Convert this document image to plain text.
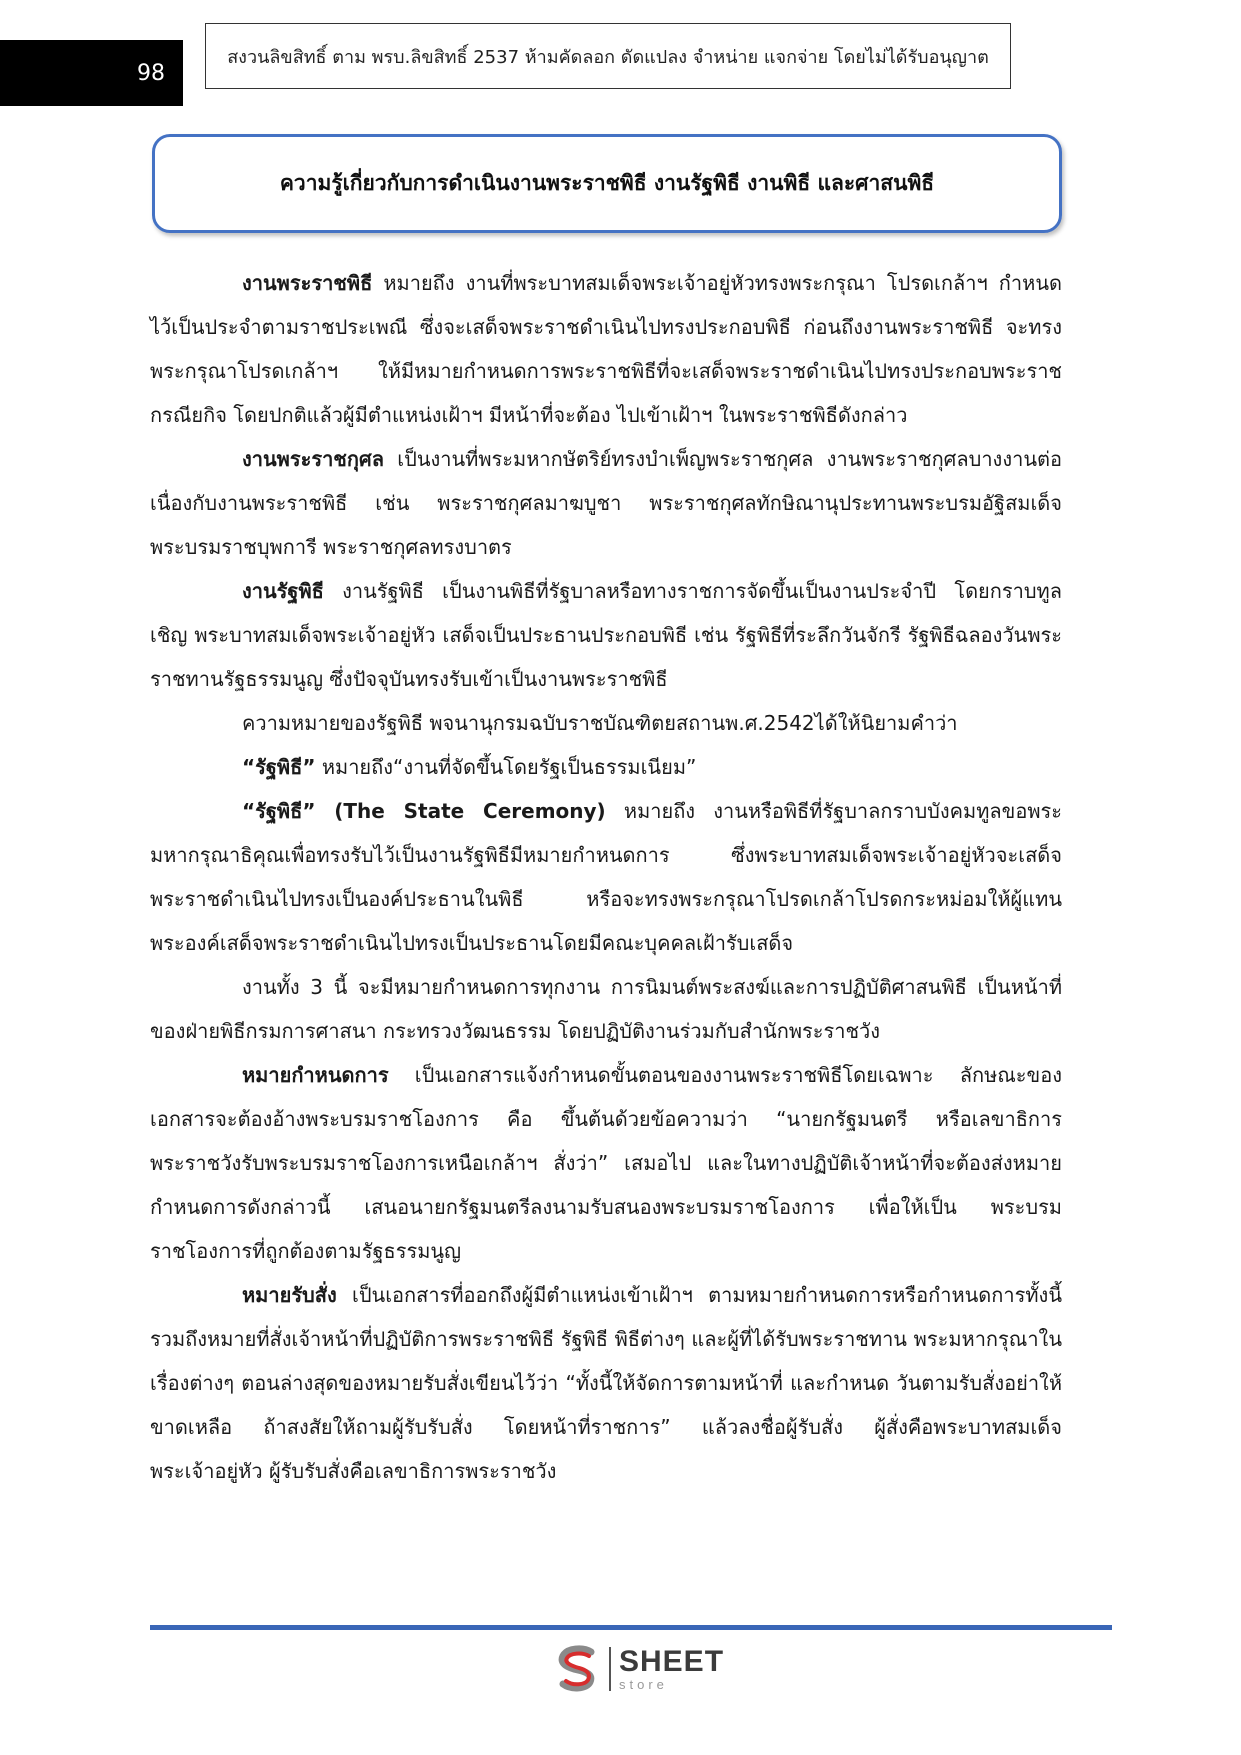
98
สงวนลิขสิทธิ์ ตาม พรบ.ลิขสิทธิ์ 2537 ห้ามคัดลอก ดัดแปลง จำหน่าย แจกจ่าย โดยไม่ได้รับอนุญาต
ความรู้เกี่ยวกับการดำเนินงานพระราชพิธี งานรัฐพิธี งานพิธี และศาสนพิธี

งานพระราชพิธี หมายถึง งานที่พระบาทสมเด็จพระเจ้าอยู่หัวทรงพระกรุณา โปรดเกล้าฯ กำหนดไว้เป็นประจำตามราชประเพณี ซึ่งจะเสด็จพระราชดำเนินไปทรงประกอบพิธี ก่อนถึงงานพระราชพิธี จะทรงพระกรุณาโปรดเกล้าฯ ให้มีหมายกำหนดการพระราชพิธีที่จะเสด็จพระราชดำเนินไปทรงประกอบพระราชกรณียกิจ โดยปกติแล้วผู้มีตำแหน่งเฝ้าฯ มีหน้าที่จะต้อง ไปเข้าเฝ้าฯ ในพระราชพิธีดังกล่าว

งานพระราชกุศล เป็นงานที่พระมหากษัตริย์ทรงบำเพ็ญพระราชกุศล งานพระราชกุศลบางงานต่อเนื่องกับงานพระราชพิธี เช่น พระราชกุศลมาฆบูชา พระราชกุศลทักษิณานุประทานพระบรมอัฐิสมเด็จพระบรมราชบุพการี พระราชกุศลทรงบาตร

งานรัฐพิธี งานรัฐพิธี เป็นงานพิธีที่รัฐบาลหรือทางราชการจัดขึ้นเป็นงานประจำปี โดยกราบทูลเชิญ พระบาทสมเด็จพระเจ้าอยู่หัว เสด็จเป็นประธานประกอบพิธี เช่น รัฐพิธีที่ระลึกวันจักรี รัฐพิธีฉลองวันพระราชทานรัฐธรรมนูญ ซึ่งปัจจุบันทรงรับเข้าเป็นงานพระราชพิธี

ความหมายของรัฐพิธี พจนานุกรมฉบับราชบัณฑิตยสถานพ.ศ.2542ได้ให้นิยามคำว่า

“รัฐพิธี” หมายถึง“งานที่จัดขึ้นโดยรัฐเป็นธรรมเนียม”

“รัฐพิธี” (The State Ceremony) หมายถึง งานหรือพิธีที่รัฐบาลกราบบังคมทูลขอพระมหากรุณาธิคุณเพื่อทรงรับไว้เป็นงานรัฐพิธีมีหมายกำหนดการ ซึ่งพระบาทสมเด็จพระเจ้าอยู่หัวจะเสด็จพระราชดำเนินไปทรงเป็นองค์ประธานในพิธี หรือจะทรงพระกรุณาโปรดเกล้าโปรดกระหม่อมให้ผู้แทนพระองค์เสด็จพระราชดำเนินไปทรงเป็นประธานโดยมีคณะบุคคลเฝ้ารับเสด็จ

งานทั้ง 3 นี้ จะมีหมายกำหนดการทุกงาน การนิมนต์พระสงฆ์และการปฏิบัติศาสนพิธี เป็นหน้าที่ของฝ่ายพิธีกรมการศาสนา กระทรวงวัฒนธรรม โดยปฏิบัติงานร่วมกับสำนักพระราชวัง

หมายกำหนดการ เป็นเอกสารแจ้งกำหนดขั้นตอนของงานพระราชพิธีโดยเฉพาะ ลักษณะของเอกสารจะต้องอ้างพระบรมราชโองการ คือ ขึ้นต้นด้วยข้อความว่า “นายกรัฐมนตรี หรือเลขาธิการพระราชวังรับพระบรมราชโองการเหนือเกล้าฯ สั่งว่า” เสมอไป และในทางปฏิบัติเจ้าหน้าที่จะต้องส่งหมายกำหนดการดังกล่าวนี้ เสนอนายกรัฐมนตรีลงนามรับสนองพระบรมราชโองการ เพื่อให้เป็น พระบรมราชโองการที่ถูกต้องตามรัฐธรรมนูญ

หมายรับสั่ง เป็นเอกสารที่ออกถึงผู้มีตำแหน่งเข้าเฝ้าฯ ตามหมายกำหนดการหรือกำหนดการทั้งนี้ รวมถึงหมายที่สั่งเจ้าหน้าที่ปฏิบัติการพระราชพิธี รัฐพิธี พิธีต่างๆ และผู้ที่ได้รับพระราชทาน พระมหากรุณาในเรื่องต่างๆ ตอนล่างสุดของหมายรับสั่งเขียนไว้ว่า “ทั้งนี้ให้จัดการตามหน้าที่ และกำหนด วันตามรับสั่งอย่าให้ขาดเหลือ ถ้าสงสัยให้ถามผู้รับรับสั่ง โดยหน้าที่ราชการ” แล้วลงชื่อผู้รับสั่ง ผู้สั่งคือพระบาทสมเด็จพระเจ้าอยู่หัว ผู้รับรับสั่งคือเลขาธิการพระราชวัง

SHEET
store
